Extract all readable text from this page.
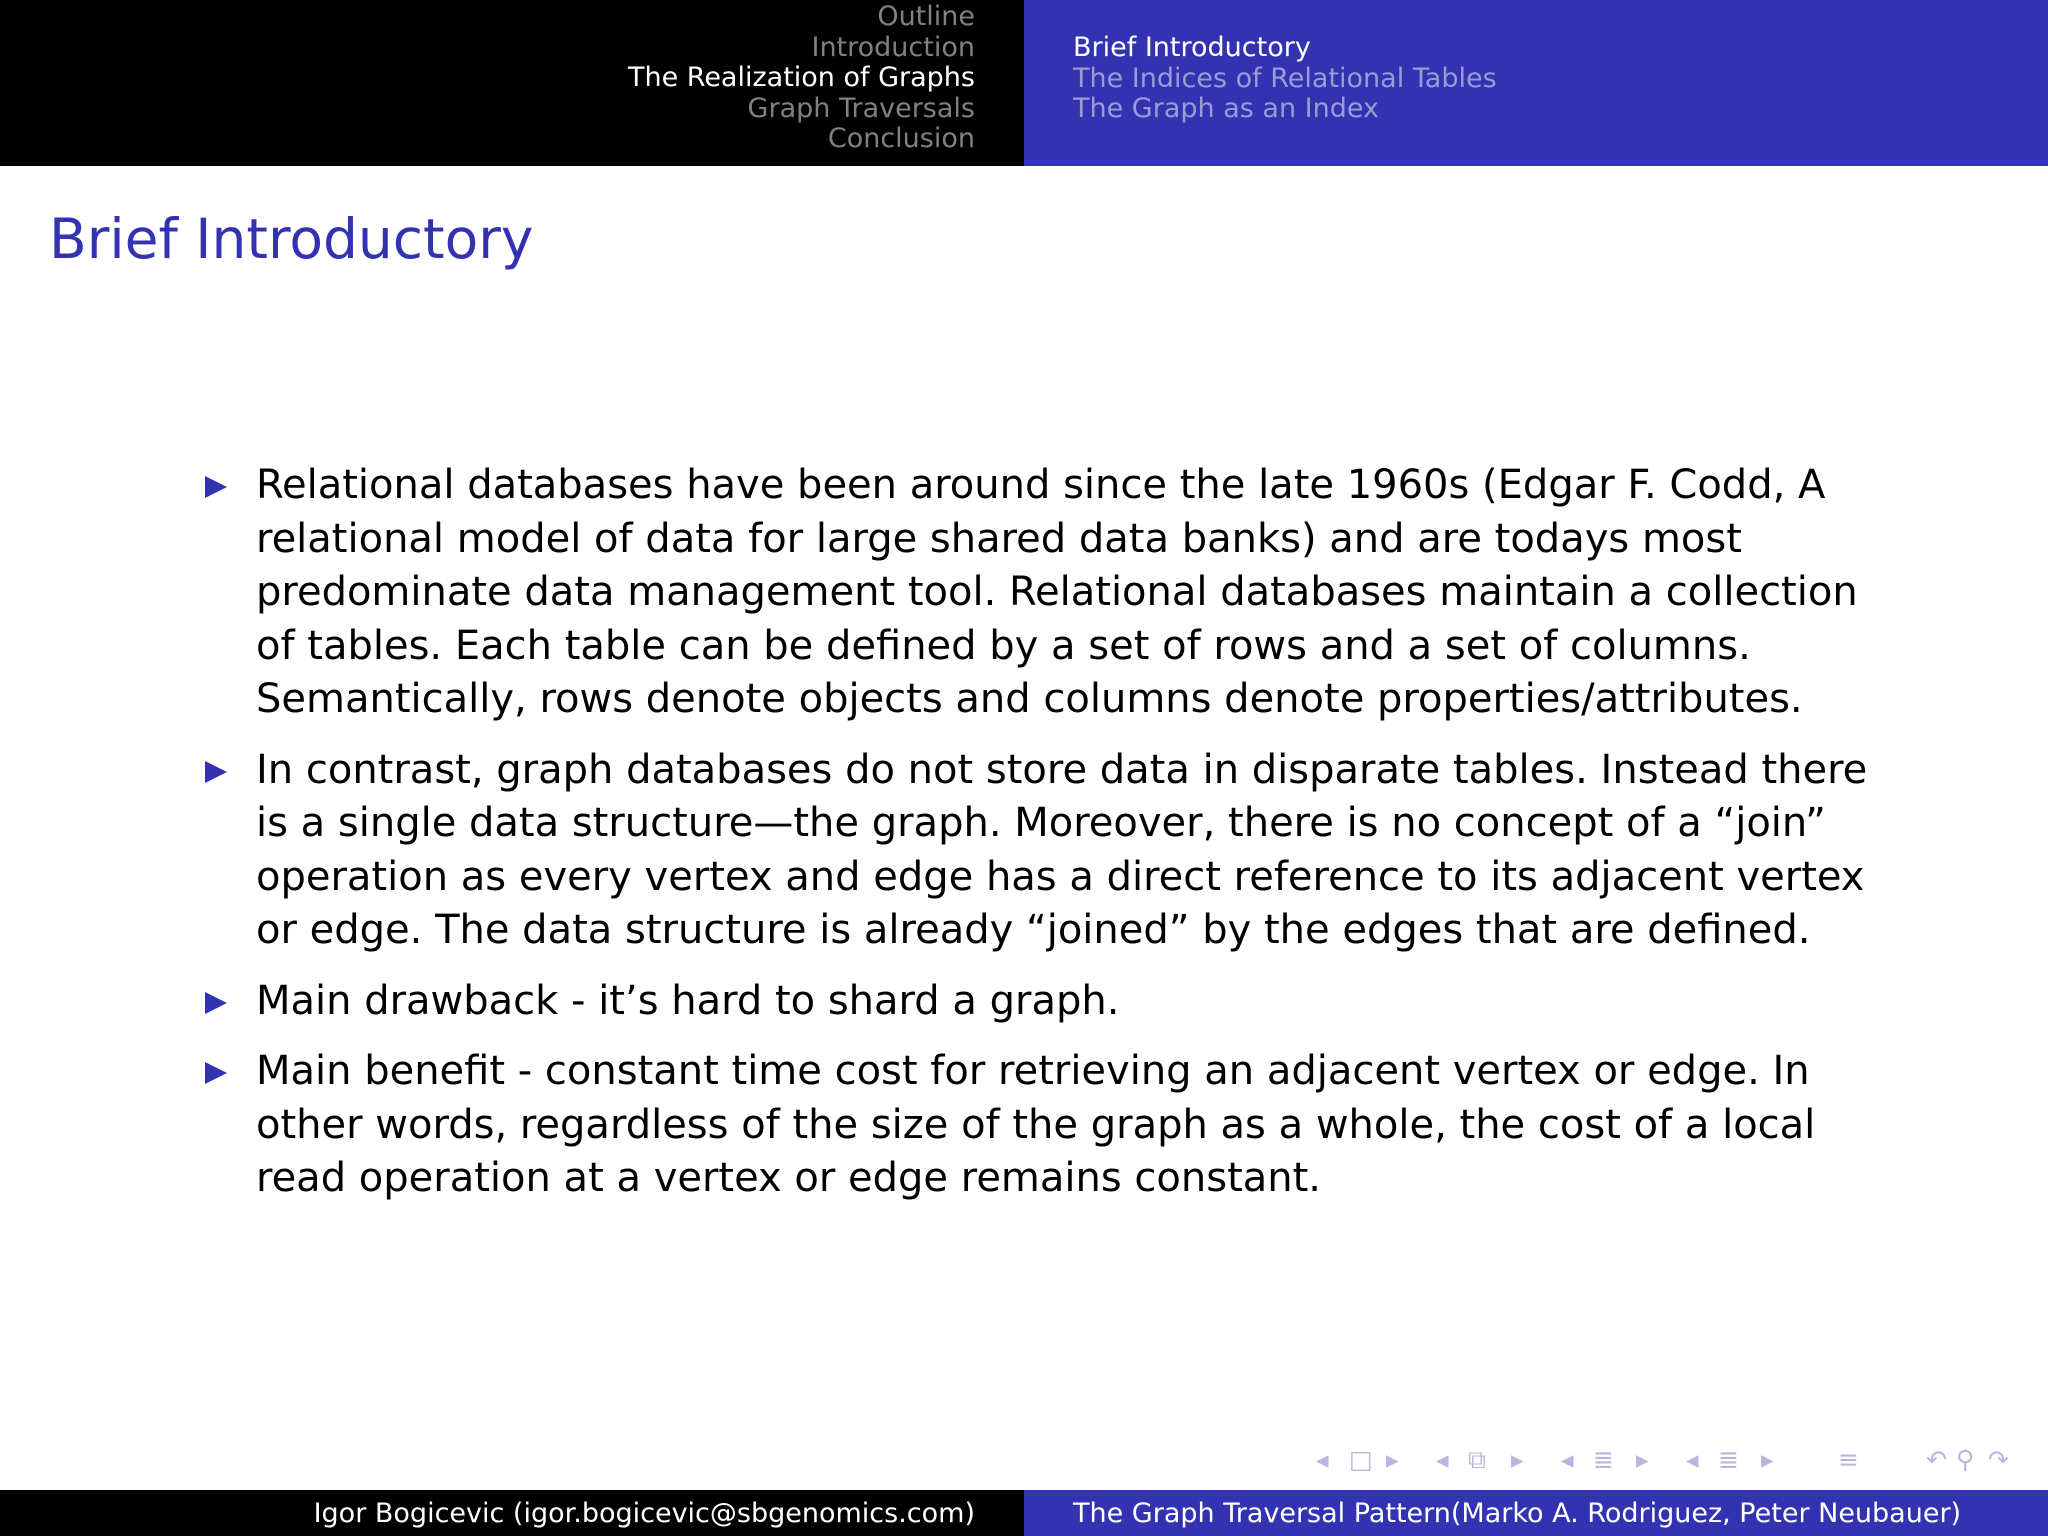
Outline
Introduction
The Realization of Graphs
Graph Traversals
Conclusion
Brief Introductory
The Indices of Relational Tables
The Graph as an Index
Brief Introductory
Relational databases have been around since the late 1960s (Edgar F. Codd, A relational model of data for large shared data banks) and are todays most predominate data management tool. Relational databases maintain a collection of tables. Each table can be defined by a set of rows and a set of columns. Semantically, rows denote objects and columns denote properties/attributes.
In contrast, graph databases do not store data in disparate tables. Instead there is a single data structure—the graph. Moreover, there is no concept of a “join” operation as every vertex and edge has a direct reference to its adjacent vertex or edge. The data structure is already “joined” by the edges that are defined.
Main drawback - it’s hard to shard a graph.
Main benefit - constant time cost for retrieving an adjacent vertex or edge. In other words, regardless of the size of the graph as a whole, the cost of a local read operation at a vertex or edge remains constant.
◂ □ ▸ ◂ ⧉ ▸ ◂ ≣ ▸ ◂ ≣ ▸	≡	↶ ⚲ ↷
Igor Bogicevic (igor.bogicevic@sbgenomics.com)	The Graph Traversal Pattern(Marko A. Rodriguez, Peter Neubauer)
